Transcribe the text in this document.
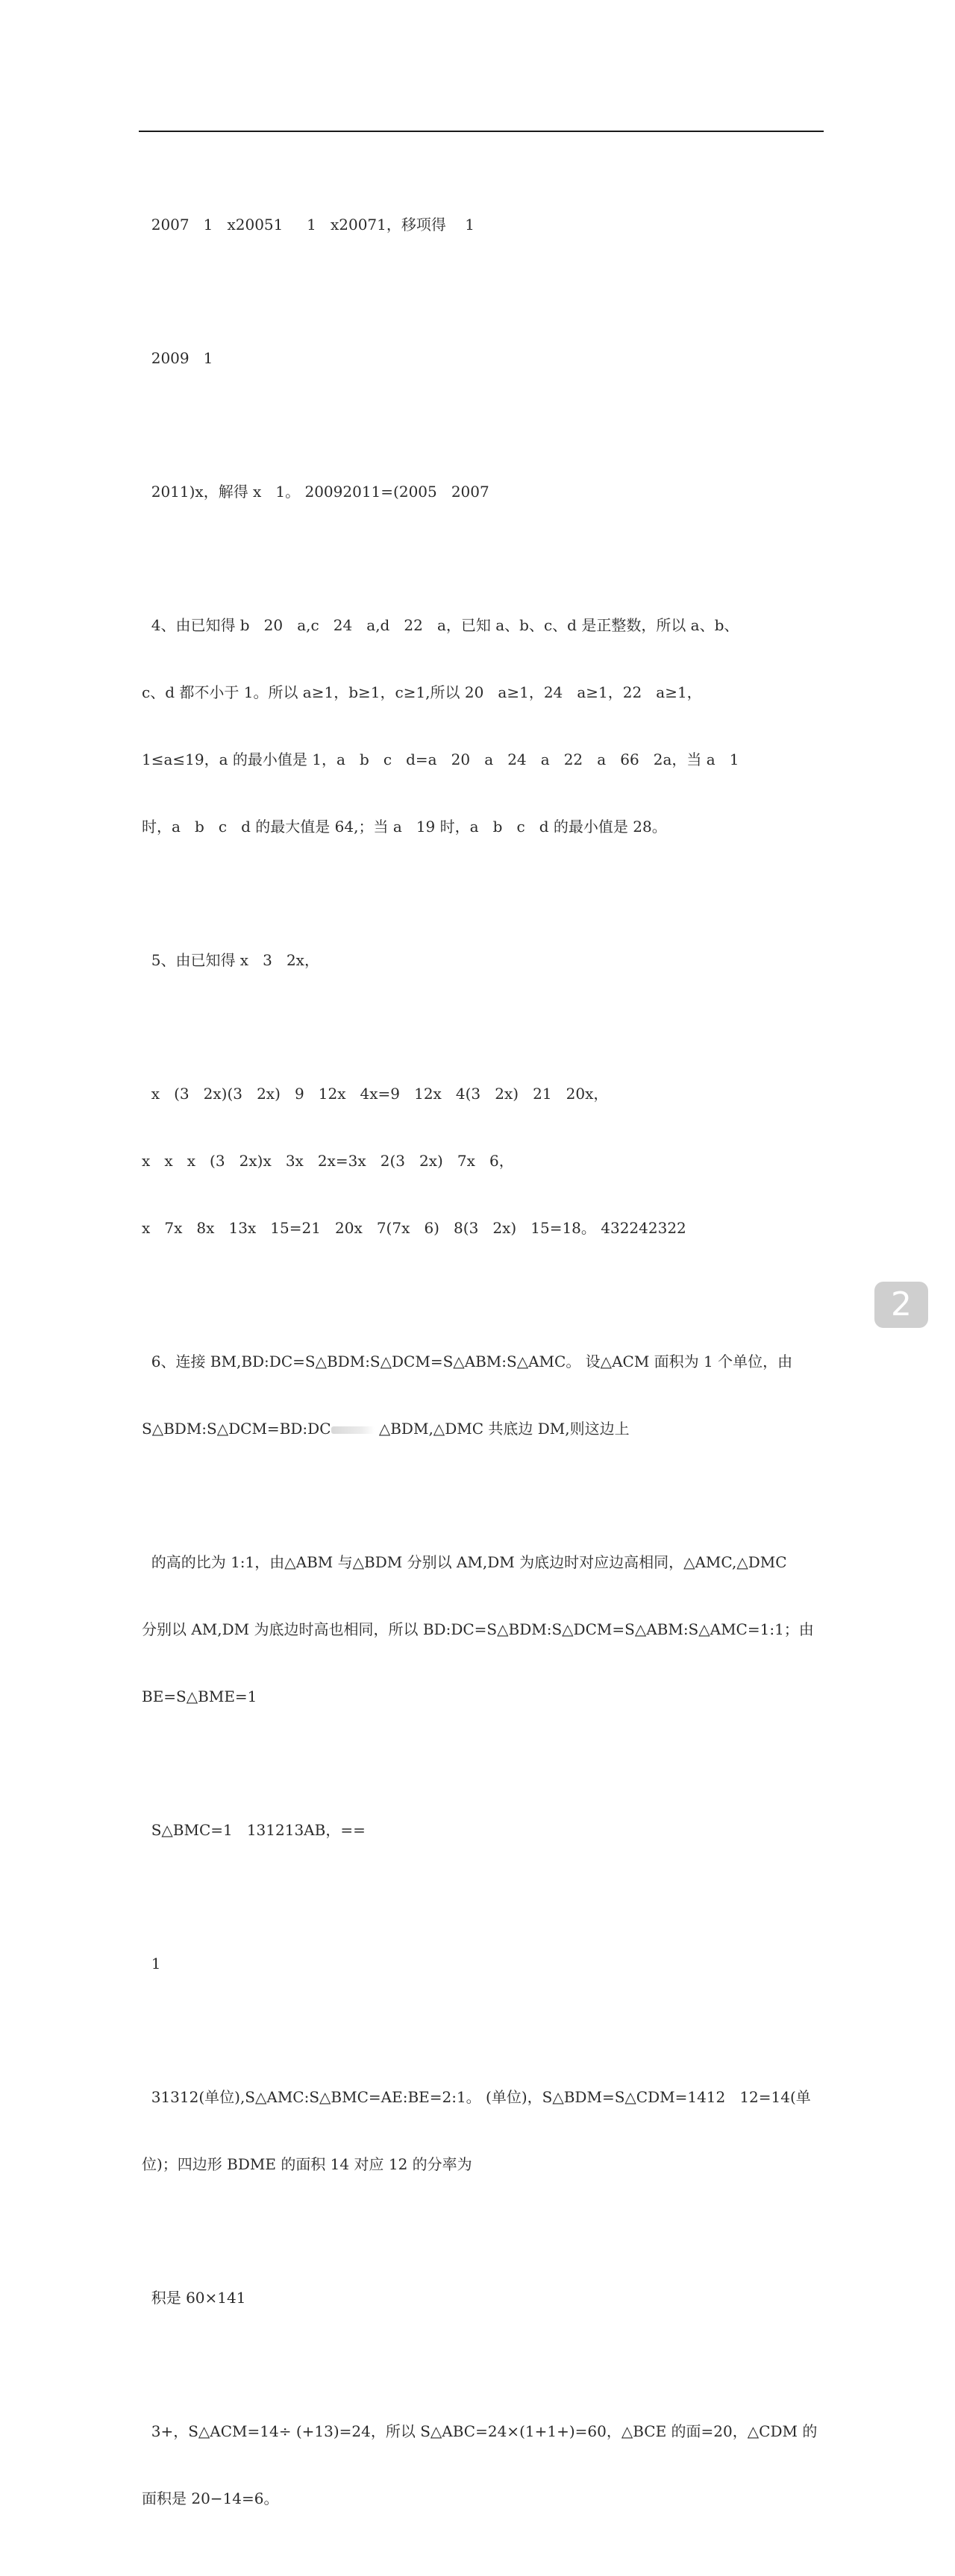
2007   1   x20051     1   x20071，移项得    1

2009   1

2011)x，解得 x   1。 20092011=(2005   2007

4、由已知得 b   20   a,c   24   a,d   22   a，已知 a、b、c、d 是正整数，所以 a、b、

c、d 都不小于 1。所以 a≥1，b≥1，c≥1,所以 20   a≥1，24   a≥1，22   a≥1，

1≤a≤19，a 的最小值是 1，a   b   c   d=a   20   a   24   a   22   a   66   2a，当 a   1

时，a   b   c   d 的最大值是 64,；当 a   19 时，a   b   c   d 的最小值是 28。

5、由已知得 x   3   2x，

x   (3   2x)(3   2x)   9   12x   4x=9   12x   4(3   2x)   21   20x，

x   x   x   (3   2x)x   3x   2x=3x   2(3   2x)   7x   6，

x   7x   8x   13x   15=21   20x   7(7x   6)   8(3   2x)   15=18。 432242322

6、连接 BM,BD:DC=S△BDM:S△DCM=S△ABM:S△AMC。 设△ACM 面积为 1 个单位，由

S△BDM:S△DCM=BD:DC	△BDM,△DMC 共底边 DM,则这边上

的高的比为 1:1，由△ABM 与△BDM 分别以 AM,DM 为底边时对应边高相同，△AMC,△DMC

分别以 AM,DM 为底边时高也相同，所以 BD:DC=S△BDM:S△DCM=S△ABM:S△AMC=1:1；由

BE=S△BME=1

S△BMC=1   131213AB，==

1

31312(单位),S△AMC:S△BMC=AE:BE=2:1。 (单位)，S△BDM=S△CDM=1412   12=14(单

位)；四边形 BDME 的面积 14 对应 12 的分率为

积是 60×141

3+，S△ACM=14÷ (+13)=24，所以 S△ABC=24×(1+1+)=60，△BCE 的面=20，△CDM 的

面积是 20−14=6。

2
